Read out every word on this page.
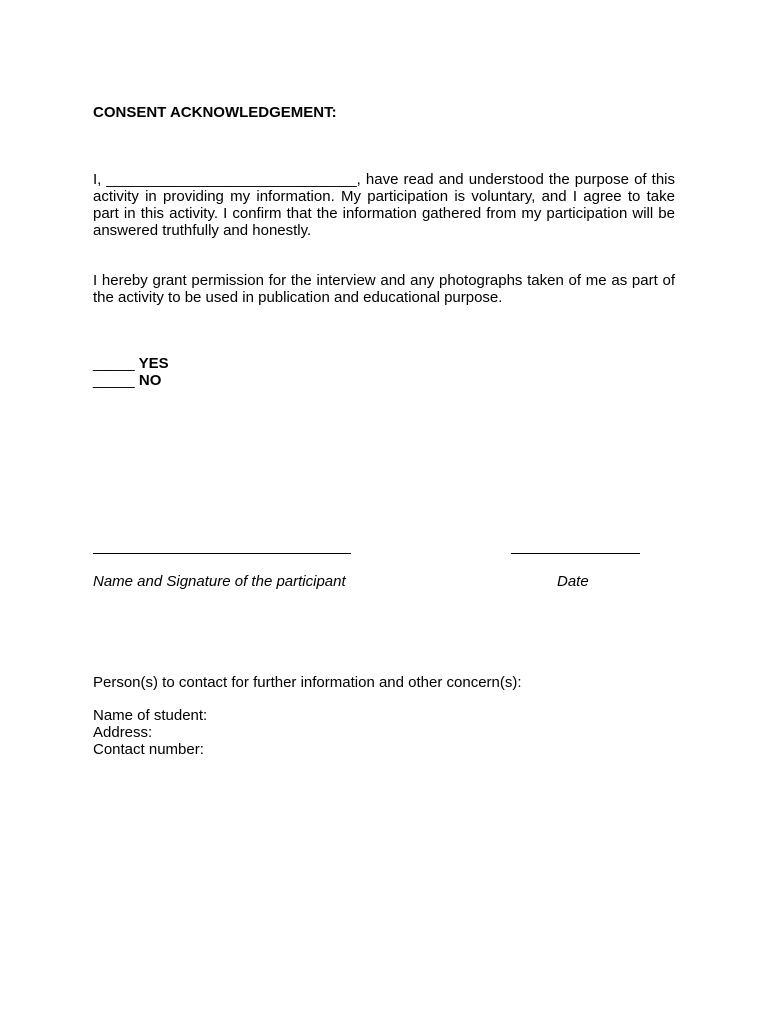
CONSENT ACKNOWLEDGEMENT:
I, ______________________________, have read and understood the purpose of this activity in providing my information. My participation is voluntary, and I agree to take part in this activity. I confirm that the information gathered from my participation will be answered truthfully and honestly.
I hereby grant permission for the interview and any photographs taken of me as part of the activity to be used in publication and educational purpose.
_____ YES
_____ NO
Name and Signature of the participant	Date
Person(s) to contact for further information and other concern(s):
Name of student:
Address:
Contact number:
